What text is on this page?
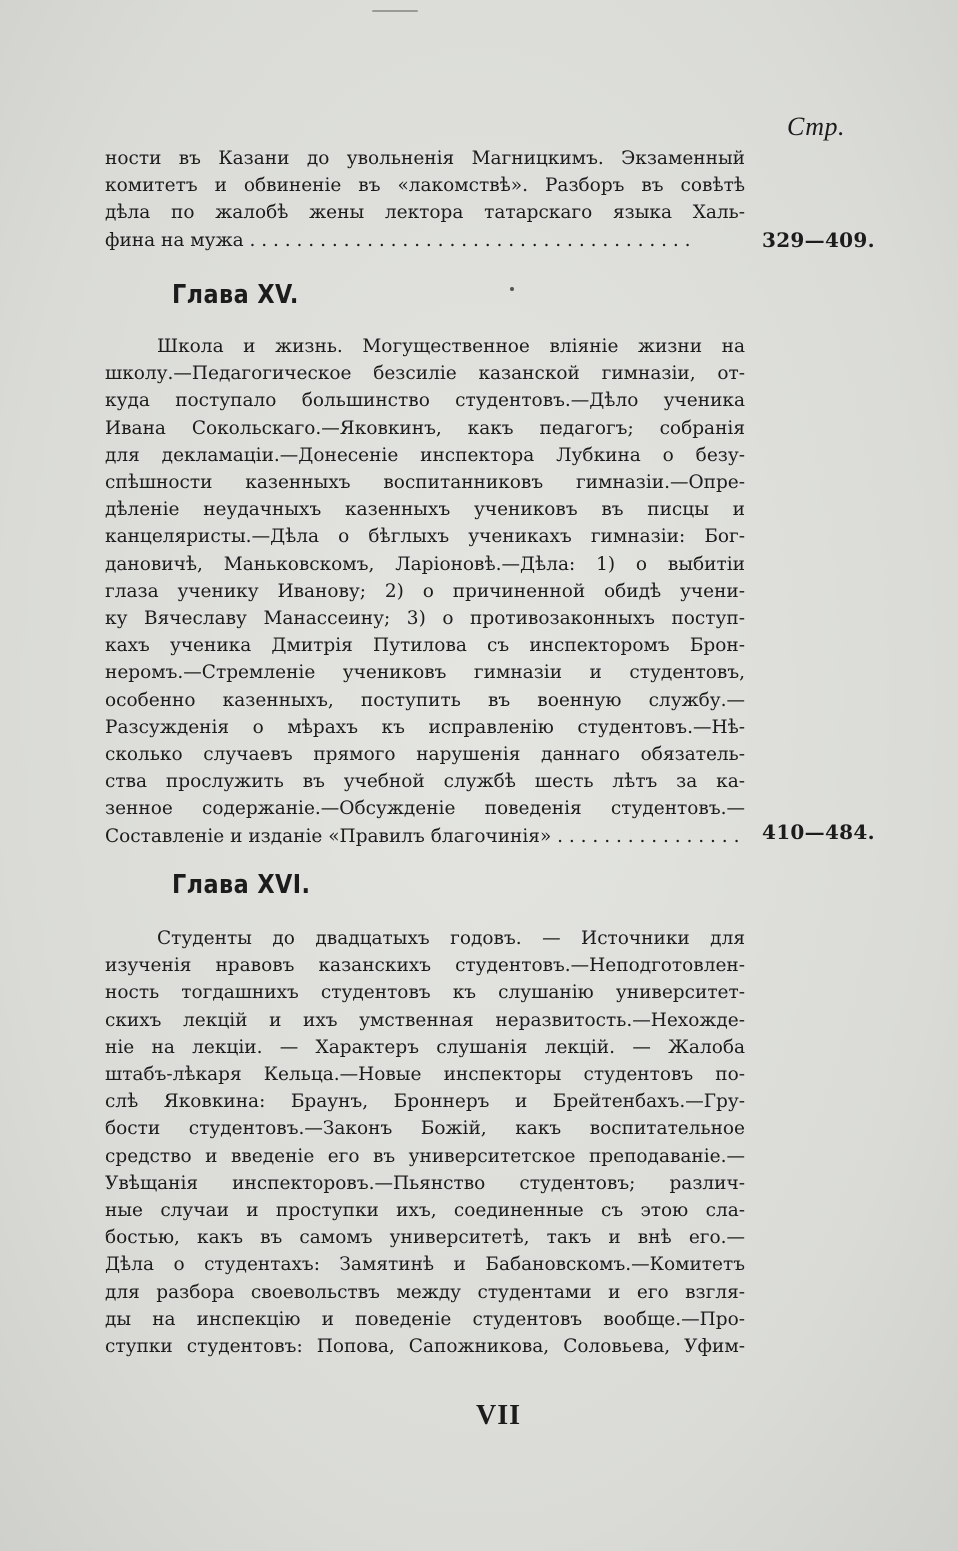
Стр.
ности въ Казани до увольненія Магницкимъ. Экзаменный
комитетъ и обвиненіе въ «лакомствѣ». Разборъ въ совѣтѣ
дѣла по жалобѣ жены лектора татарскаго языка Халь-
фина на мужа . . .	329—409.
Глава XV.
Школа и жизнь. Могущественное вліяніе жизни на
школу.—Педагогическое безсиліе казанской гимназіи, от-
куда поступало большинство студентовъ.—Дѣло ученика
Ивана Сокольскаго.—Яковкинъ, какъ педагогъ; собранія
для декламаціи.—Донесеніе инспектора Лубкина о безу-
спѣшности казенныхъ воспитанниковъ гимназіи.—Опре-
дѣленіе неудачныхъ казенныхъ учениковъ въ писцы и
канцеляристы.—Дѣла о бѣглыхъ ученикахъ гимназіи: Бог-
дановичѣ, Маньковскомъ, Ларіоновѣ.—Дѣла: 1) о выбитіи
глаза ученику Иванову; 2) о причиненной обидѣ учени-
ку Вячеславу Манассеину; 3) о противозаконныхъ поступ-
кахъ ученика Дмитрія Путилова съ инспекторомъ Брон-
неромъ.—Стремленіе учениковъ гимназіи и студентовъ,
особенно казенныхъ, поступить въ военную службу.—
Разсужденія о мѣрахъ къ исправленію студентовъ.—Нѣ-
сколько случаевъ прямого нарушенія даннаго обязатель-
ства прослужить въ учебной службѣ шесть лѣтъ за ка-
зенное содержаніе.—Обсужденіе поведенія студентовъ.—
Составленіе и изданіе «Правилъ благочинія» . . .	410—484.
Глава XVI.
Студенты до двадцатыхъ годовъ. — Источники для
изученія нравовъ казанскихъ студентовъ.—Неподготовлен-
ность тогдашнихъ студентовъ къ слушанію университет-
скихъ лекцій и ихъ умственная неразвитость.—Нехожде-
ніе на лекціи. — Характеръ слушанія лекцій. — Жалоба
штабъ-лѣкаря Кельца.—Новые инспекторы студентовъ по-
слѣ Яковкина: Браунъ, Броннеръ и Брейтенбахъ.—Гру-
бости студентовъ.—Законъ Божій, какъ воспитательное
средство и введеніе его въ университетское преподаваніе.—
Увѣщанія инспекторовъ.—Пьянство студентовъ; различ-
ные случаи и проступки ихъ, соединенные съ этою сла-
бостью, какъ въ самомъ университетѣ, такъ и внѣ его.—
Дѣла о студентахъ: Замятинѣ и Бабановскомъ.—Комитетъ
для разбора своевольствъ между студентами и его взгля-
ды на инспекцію и поведеніе студентовъ вообще.—Про-
ступки студентовъ: Попова, Сапожникова, Соловьева, Уфим-
VII
